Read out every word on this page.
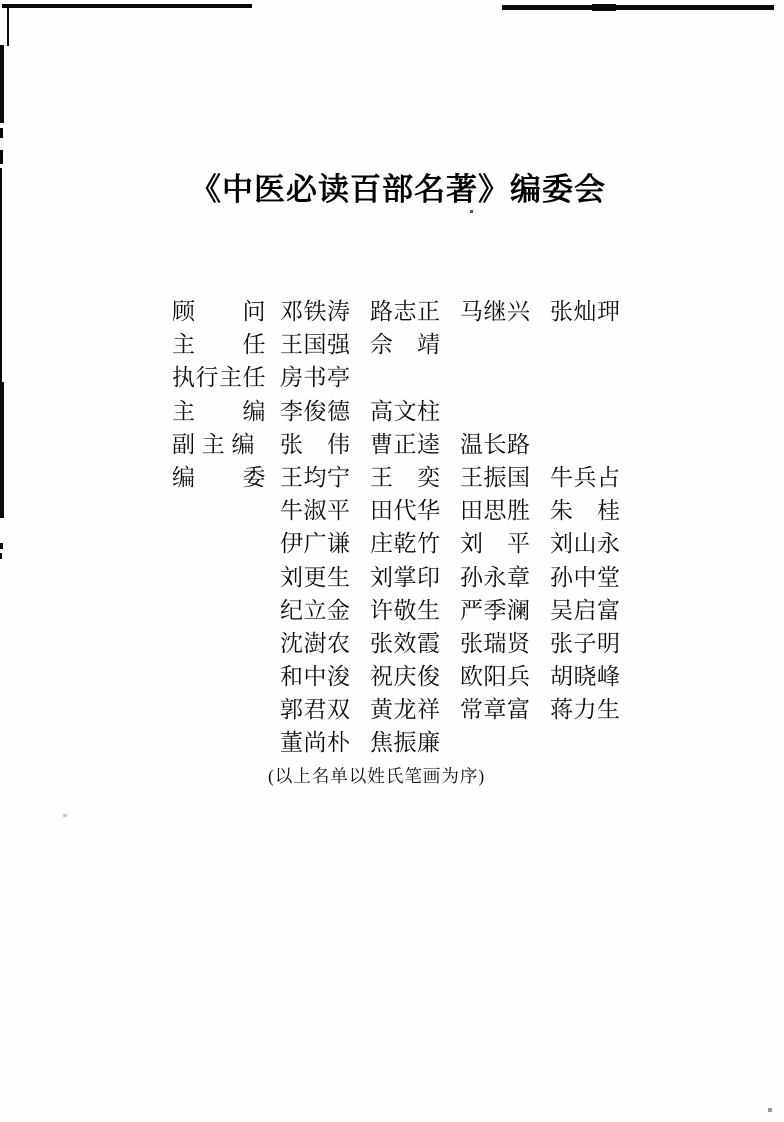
《中医必读百部名著》编委会
顾　　问 邓铁涛 路志正 马继兴 张灿玾
主　　任 王国强 佘　靖
执行主任 房书亭
主　　编 李俊德 高文柱
副 主 编	张　伟 曹正逵 温长路
编　　委 王均宁 王　奕 王振国 牛兵占
牛淑平 田代华 田思胜 朱　桂
伊广谦 庄乾竹 刘　平 刘山永
刘更生 刘掌印 孙永章 孙中堂
纪立金 许敬生 严季澜 吴启富
沈澍农 张效霞 张瑞贤 张子明
和中浚 祝庆俊 欧阳兵 胡晓峰
郭君双 黄龙祥 常章富 蒋力生
董尚朴 焦振廉
(以上名单以姓氏笔画为序)
